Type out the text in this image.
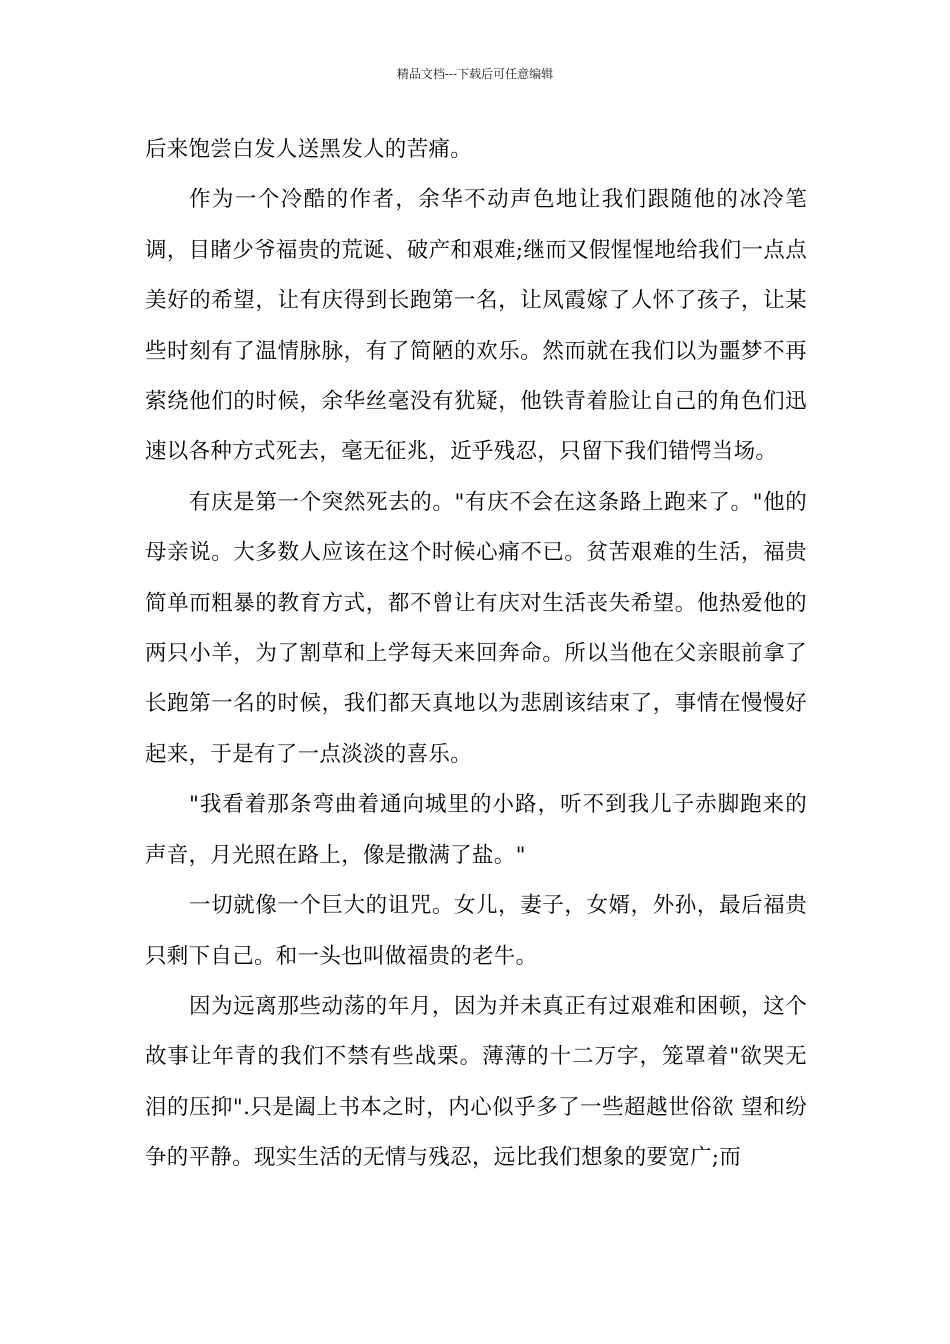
精品文档---下载后可任意编辑

后来饱尝白发人送黑发人的苦痛。

作为一个冷酷的作者，余华不动声色地让我们跟随他的冰冷笔调，目睹少爷福贵的荒诞、破产和艰难;继而又假惺惺地给我们一点点美好的希望，让有庆得到长跑第一名，让凤霞嫁了人怀了孩子，让某些时刻有了温情脉脉，有了简陋的欢乐。然而就在我们以为噩梦不再萦绕他们的时候，余华丝毫没有犹疑，他铁青着脸让自己的角色们迅速以各种方式死去，毫无征兆，近乎残忍，只留下我们错愕当场。

有庆是第一个突然死去的。"有庆不会在这条路上跑来了。"他的母亲说。大多数人应该在这个时候心痛不已。贫苦艰难的生活，福贵简单而粗暴的教育方式，都不曾让有庆对生活丧失希望。他热爱他的两只小羊，为了割草和上学每天来回奔命。所以当他在父亲眼前拿了长跑第一名的时候，我们都天真地以为悲剧该结束了，事情在慢慢好起来，于是有了一点淡淡的喜乐。

"我看着那条弯曲着通向城里的小路，听不到我儿子赤脚跑来的声音，月光照在路上，像是撒满了盐。"

一切就像一个巨大的诅咒。女儿，妻子，女婿，外孙，最后福贵只剩下自己。和一头也叫做福贵的老牛。

因为远离那些动荡的年月，因为并未真正有过艰难和困顿，这个故事让年青的我们不禁有些战栗。薄薄的十二万字，笼罩着"欲哭无泪的压抑".只是阖上书本之时，内心似乎多了一些超越世俗欲 望和纷争的平静。现实生活的无情与残忍，远比我们想象的要宽广;而
